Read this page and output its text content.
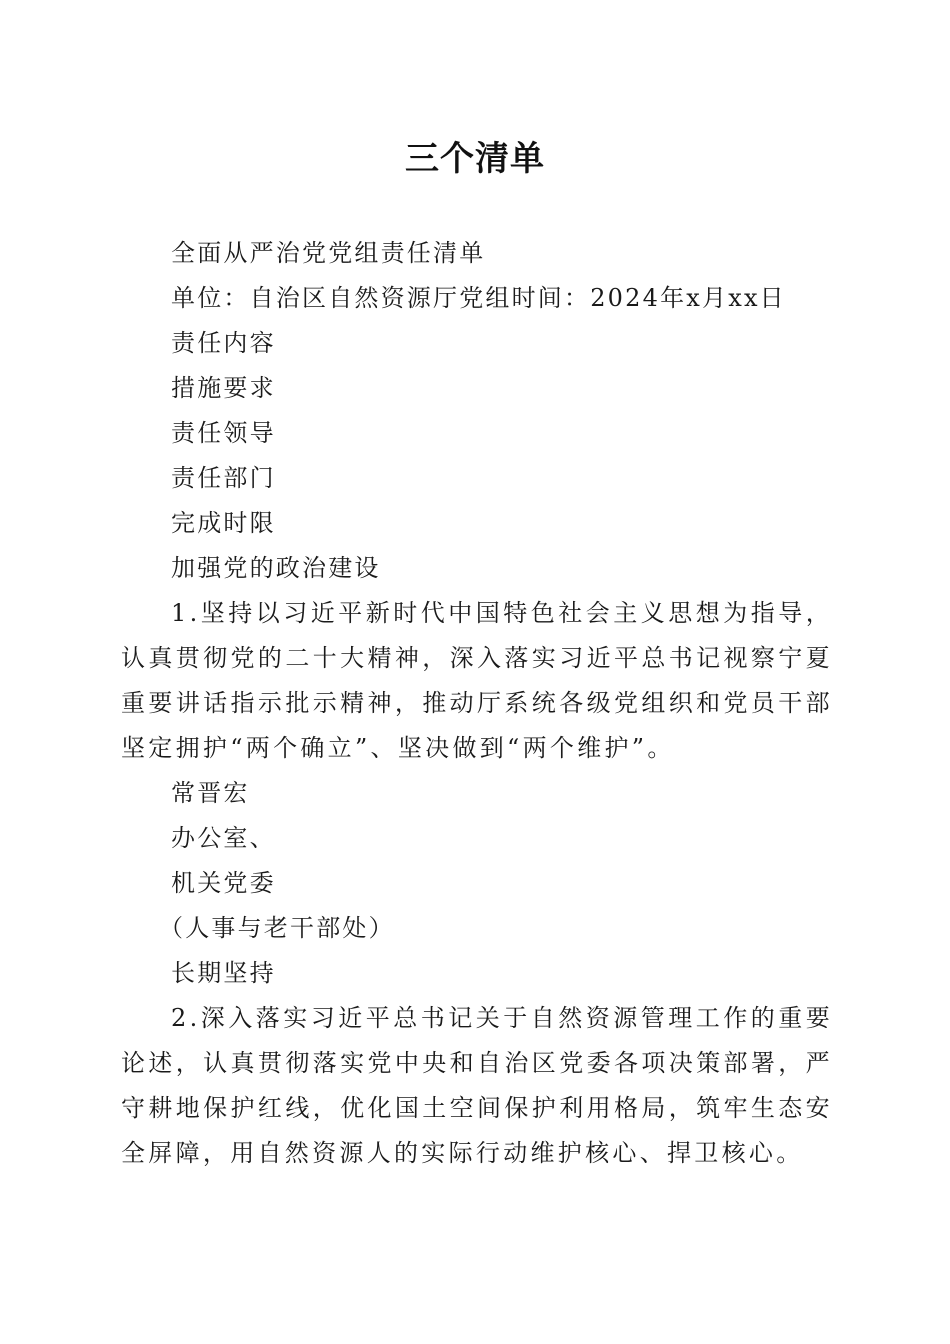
三个清单
全面从严治党党组责任清单
单位：自治区自然资源厅党组时间：2024年x月xx日
责任内容
措施要求
责任领导
责任部门
完成时限
加强党的政治建设
1.坚持以习近平新时代中国特色社会主义思想为指导，认真贯彻党的二十大精神，深入落实习近平总书记视察宁夏重要讲话指示批示精神，推动厅系统各级党组织和党员干部坚定拥护“两个确立”、坚决做到“两个维护”。
常晋宏
办公室、
机关党委
（人事与老干部处）
长期坚持
2.深入落实习近平总书记关于自然资源管理工作的重要论述，认真贯彻落实党中央和自治区党委各项决策部署，严守耕地保护红线，优化国土空间保护利用格局，筑牢生态安全屏障，用自然资源人的实际行动维护核心、捍卫核心。
